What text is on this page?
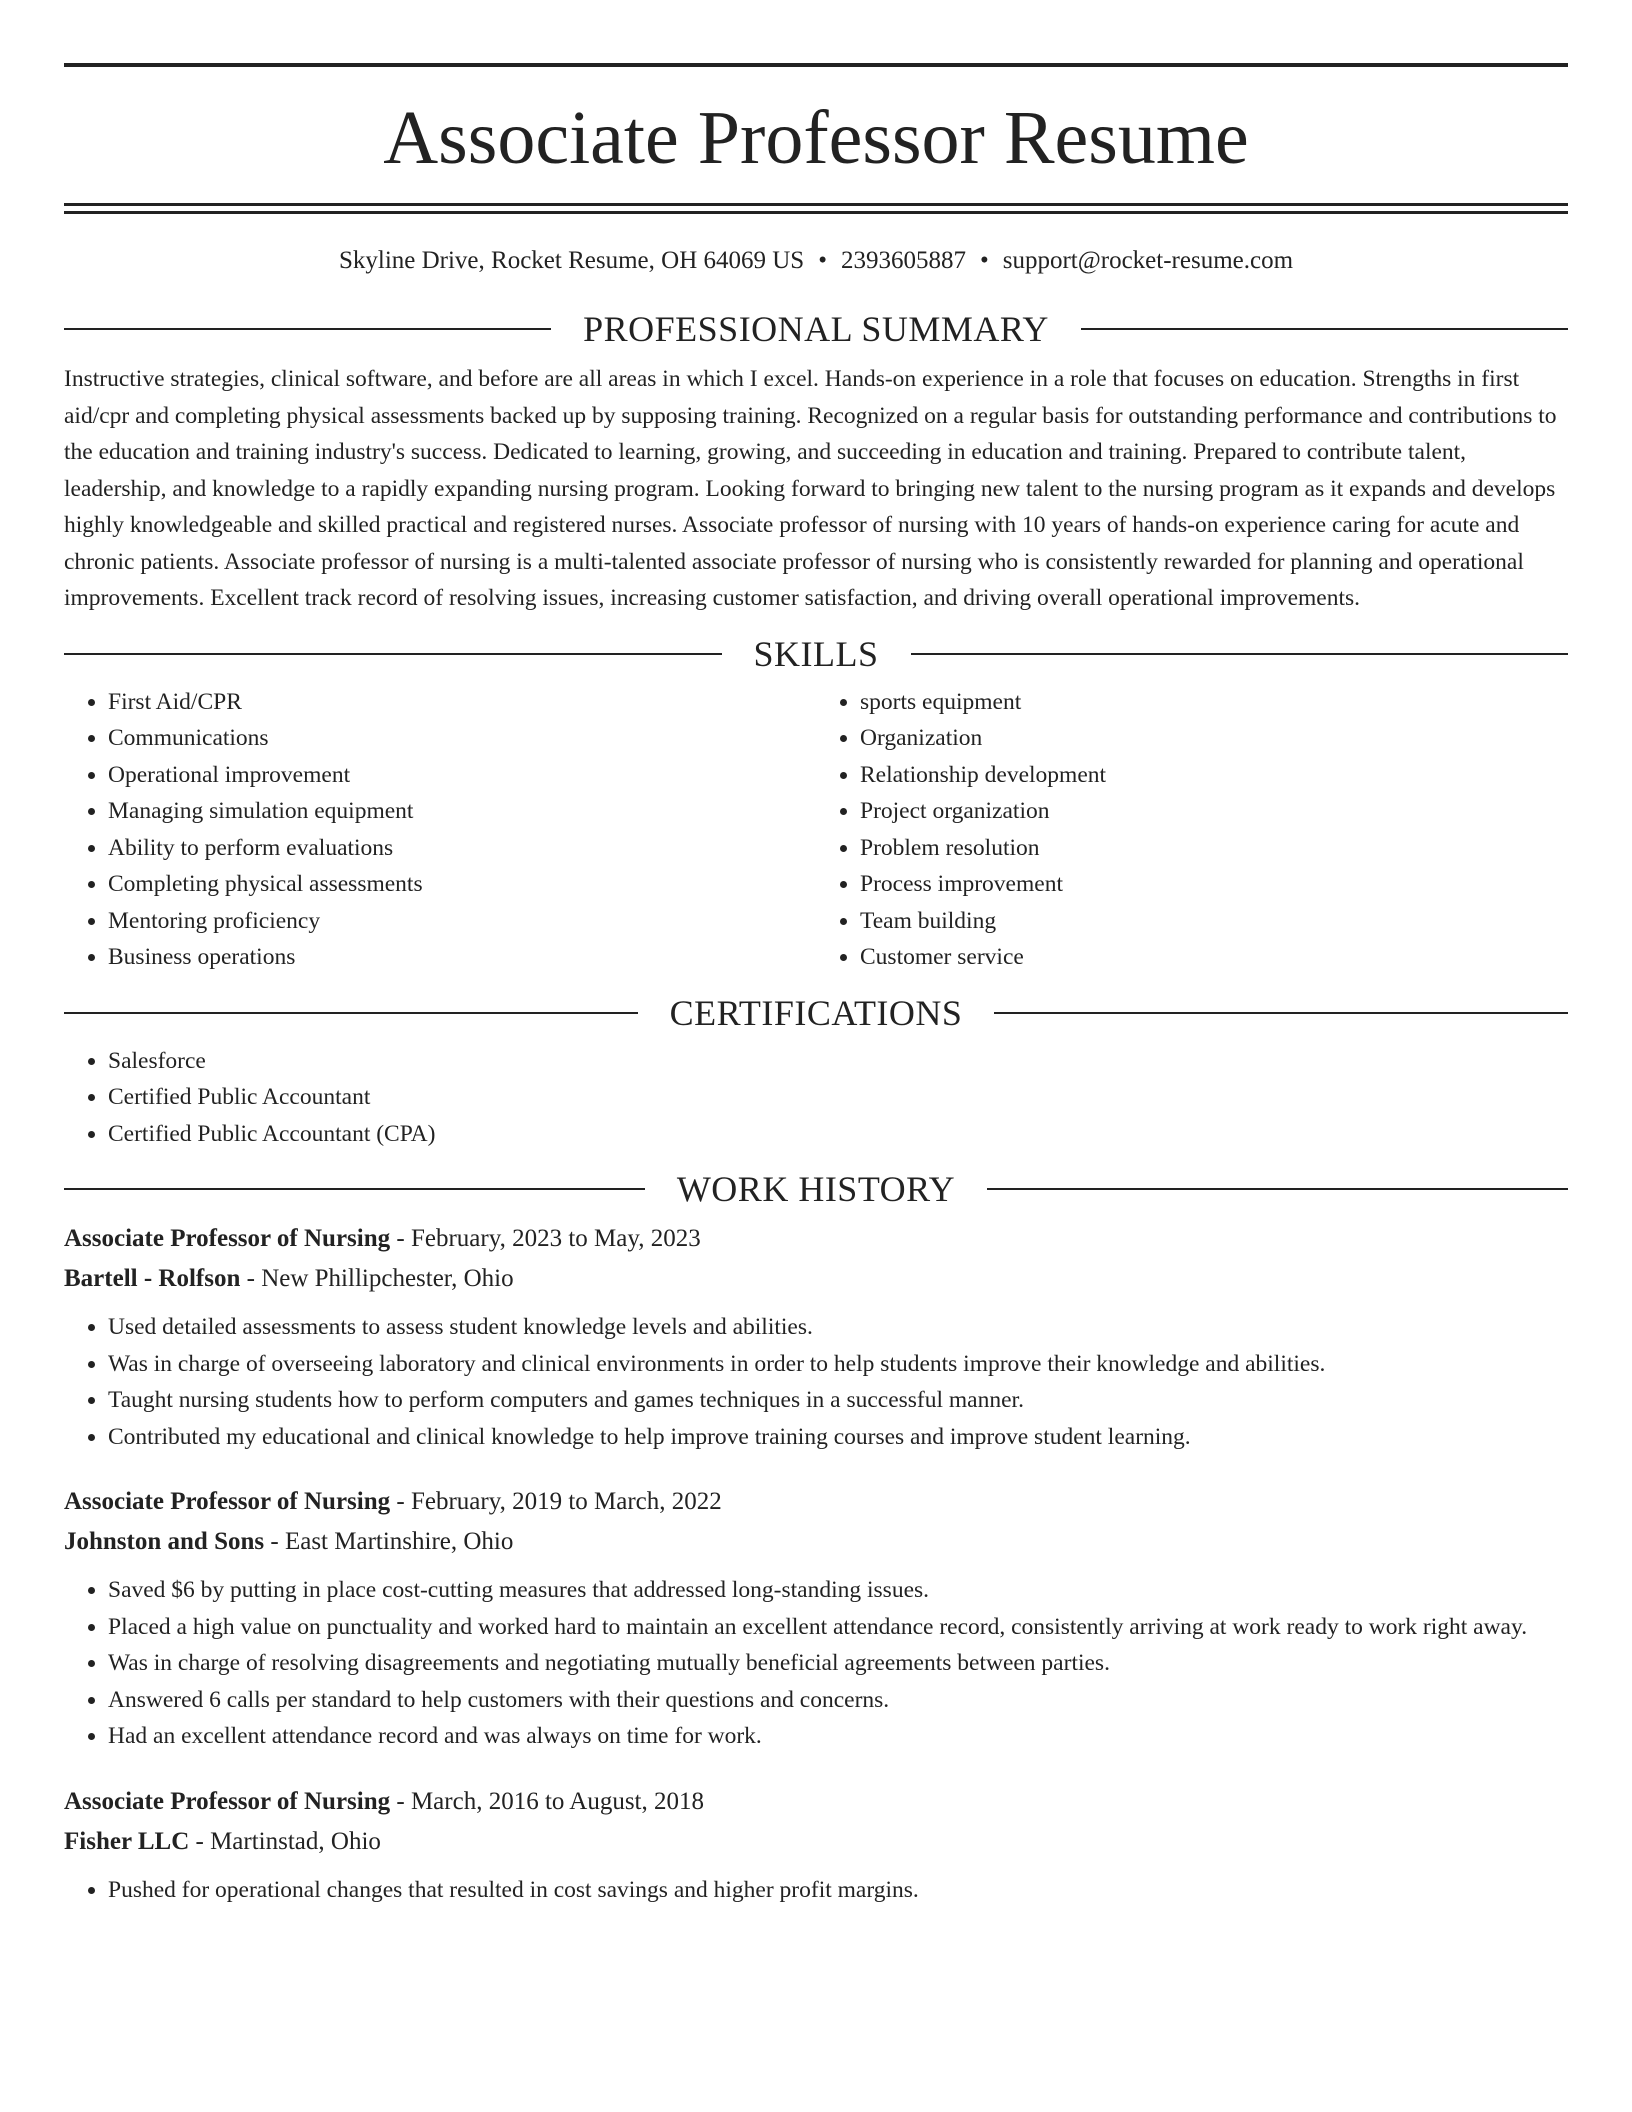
Associate Professor Resume
Skyline Drive, Rocket Resume, OH 64069 US • 2393605887 • support@rocket-resume.com
PROFESSIONAL SUMMARY

Instructive strategies, clinical software, and before are all areas in which I excel. Hands-on experience in a role that focuses on education. Strengths in first aid/cpr and completing physical assessments backed up by supposing training. Recognized on a regular basis for outstanding performance and contributions to the education and training industry's success. Dedicated to learning, growing, and succeeding in education and training. Prepared to contribute talent, leadership, and knowledge to a rapidly expanding nursing program. Looking forward to bringing new talent to the nursing program as it expands and develops highly knowledgeable and skilled practical and registered nurses. Associate professor of nursing with 10 years of hands-on experience caring for acute and chronic patients. Associate professor of nursing is a multi-talented associate professor of nursing who is consistently rewarded for planning and operational improvements. Excellent track record of resolving issues, increasing customer satisfaction, and driving overall operational improvements.

SKILLS
• First Aid/CPR
• Communications
• Operational improvement
• Managing simulation equipment
• Ability to perform evaluations
• Completing physical assessments
• Mentoring proficiency
• Business operations
• sports equipment
• Organization
• Relationship development
• Project organization
• Problem resolution
• Process improvement
• Team building
• Customer service
CERTIFICATIONS
• Salesforce
• Certified Public Accountant
• Certified Public Accountant (CPA)
WORK HISTORY

Associate Professor of Nursing - February, 2023 to May, 2023

Bartell - Rolfson - New Phillipchester, Ohio

• Used detailed assessments to assess student knowledge levels and abilities.
• Was in charge of overseeing laboratory and clinical environments in order to help students improve their knowledge and abilities.
• Taught nursing students how to perform computers and games techniques in a successful manner.
• Contributed my educational and clinical knowledge to help improve training courses and improve student learning.

Associate Professor of Nursing - February, 2019 to March, 2022

Johnston and Sons - East Martinshire, Ohio

• Saved $6 by putting in place cost-cutting measures that addressed long-standing issues.
• Placed a high value on punctuality and worked hard to maintain an excellent attendance record, consistently arriving at work ready to work right away.
• Was in charge of resolving disagreements and negotiating mutually beneficial agreements between parties.
• Answered 6 calls per standard to help customers with their questions and concerns.
• Had an excellent attendance record and was always on time for work.

Associate Professor of Nursing - March, 2016 to August, 2018

Fisher LLC - Martinstad, Ohio

• Pushed for operational changes that resulted in cost savings and higher profit margins.
